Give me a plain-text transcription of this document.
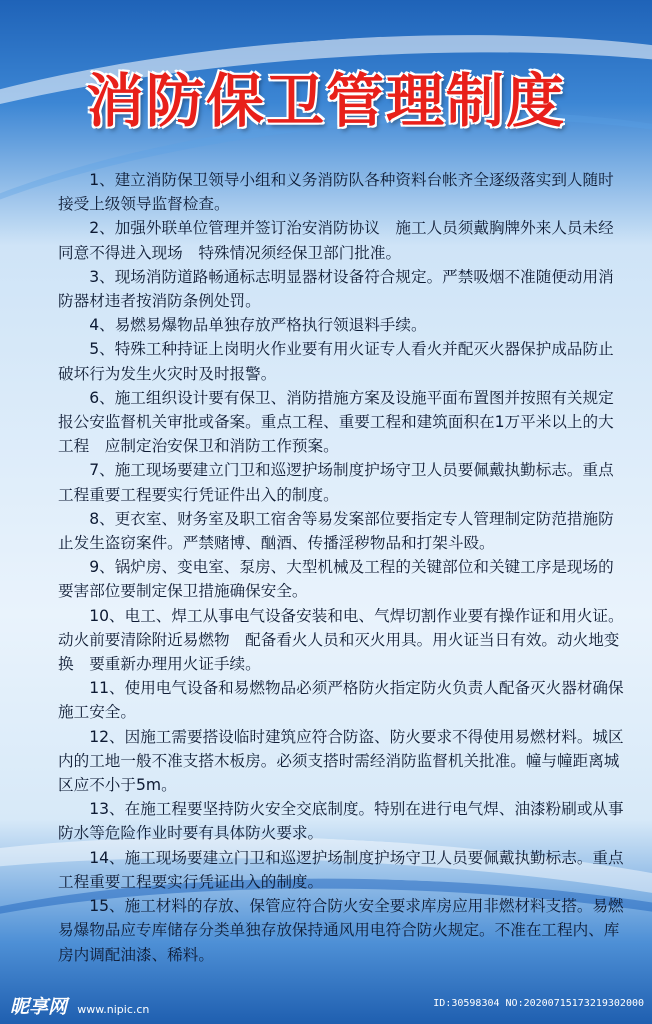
消防保卫管理制度

1、建立消防保卫领导小组和义务消防队各种资料台帐齐全逐级落实到人随时接受上级领导监督检查。

2、加强外联单位管理并签订治安消防协议　施工人员须戴胸牌外来人员未经同意不得进入现场　特殊情况须经保卫部门批准。

3、现场消防道路畅通标志明显器材设备符合规定。严禁吸烟不准随便动用消防器材违者按消防条例处罚。

4、易燃易爆物品单独存放严格执行领退料手续。

5、特殊工种持证上岗明火作业要有用火证专人看火并配灭火器保护成品防止破坏行为发生火灾时及时报警。

6、施工组织设计要有保卫、消防措施方案及设施平面布置图并按照有关规定报公安监督机关审批或备案。重点工程、重要工程和建筑面积在1万平米以上的大工程　应制定治安保卫和消防工作预案。

7、施工现场要建立门卫和巡逻护场制度护场守卫人员要佩戴执勤标志。重点工程重要工程要实行凭证件出入的制度。

8、更衣室、财务室及职工宿舍等易发案部位要指定专人管理制定防范措施防止发生盗窃案件。严禁赌博、酗酒、传播淫秽物品和打架斗殴。

9、锅炉房、变电室、泵房、大型机械及工程的关键部位和关键工序是现场的要害部位要制定保卫措施确保安全。

10、电工、焊工从事电气设备安装和电、气焊切割作业要有操作证和用火证。动火前要清除附近易燃物　配备看火人员和灭火用具。用火证当日有效。动火地变换　要重新办理用火证手续。

11、使用电气设备和易燃物品必须严格防火指定防火负责人配备灭火器材确保施工安全。

12、因施工需要搭设临时建筑应符合防盗、防火要求不得使用易燃材料。城区内的工地一般不准支搭木板房。必须支搭时需经消防监督机关批准。幢与幢距离城区应不小于5m。

13、在施工程要坚持防火安全交底制度。特别在进行电气焊、油漆粉刷或从事防水等危险作业时要有具体防火要求。

14、施工现场要建立门卫和巡逻护场制度护场守卫人员要佩戴执勤标志。重点工程重要工程要实行凭证出入的制度。

15、施工材料的存放、保管应符合防火安全要求库房应用非燃材料支搭。易燃易爆物品应专库储存分类单独存放保持通风用电符合防火规定。不准在工程内、库房内调配油漆、稀料。

昵享网 www.nipic.cn	ID:30598304 NO:20200715173219302000
